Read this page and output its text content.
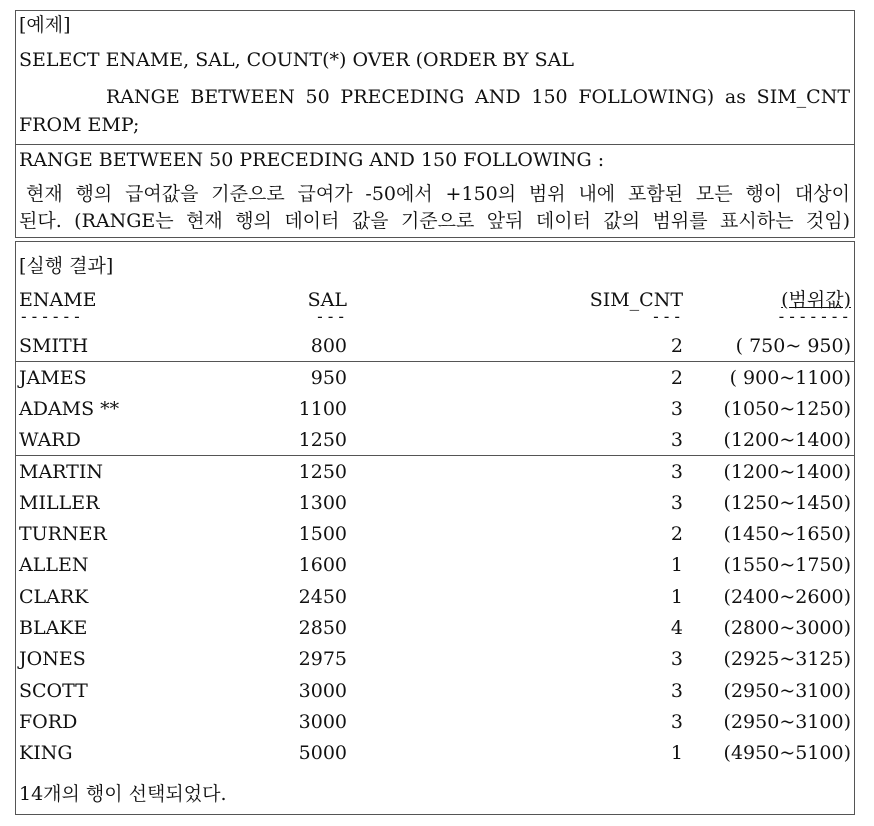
[예제]
SELECT ENAME, SAL, COUNT(*) OVER (ORDER BY SAL
RANGE BETWEEN 50 PRECEDING AND 150 FOLLOWING) as SIM_CNT
FROM EMP;
RANGE BETWEEN 50 PRECEDING AND 150 FOLLOWING :
현재 행의 급여값을 기준으로 급여가 -50에서 +150의 범위 내에 포함된 모든 행이 대상이
된다. (RANGE는 현재 행의 데이터 값을 기준으로 앞뒤 데이터 값의 범위를 표시하는 것임)
[실행 결과]
ENAME	SAL	SIM_CNT	(범위값)
------	---	---	-------
SMITH	800	2	( 750~ 950)
JAMES	950	2 ( 900~1100)
ADAMS **	1100	3 (1050~1250)
WARD	1250	3 (1200~1400)
MARTIN	1250	3 (1200~1400)
MILLER	1300	3 (1250~1450)
TURNER	1500	2 (1450~1650)
ALLEN	1600	1 (1550~1750)
CLARK	2450	1 (2400~2600)
BLAKE	2850	4 (2800~3000)
JONES	2975	3 (2925~3125)
SCOTT	3000	3 (2950~3100)
FORD	3000	3 (2950~3100)
KING	5000	1 (4950~5100)
14개의 행이 선택되었다.
